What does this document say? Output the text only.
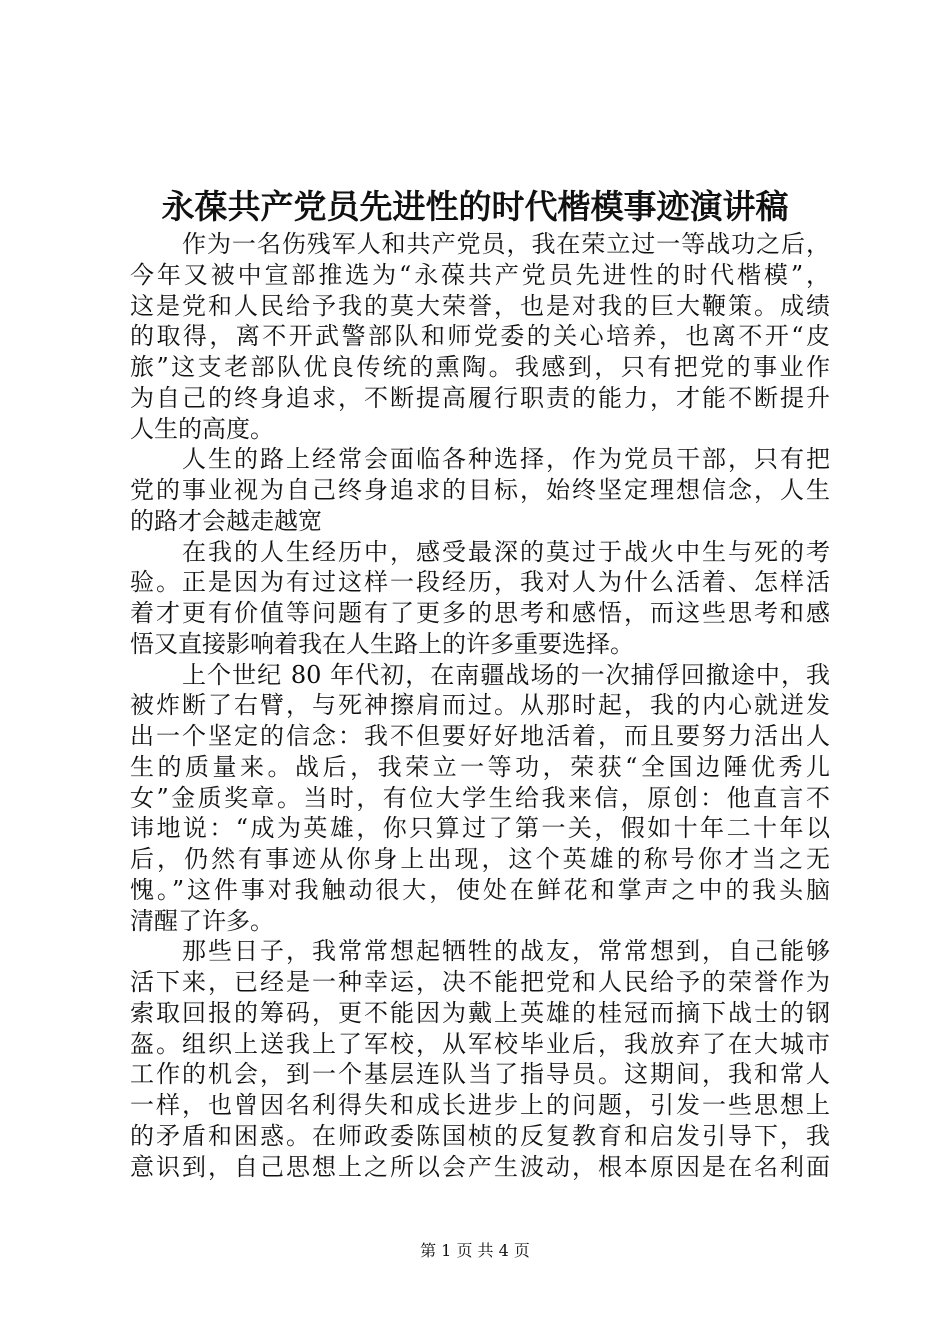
永葆共产党员先进性的时代楷模事迹演讲稿
作为一名伤残军人和共产党员，我在荣立过一等战功之后，
今年又被中宣部推选为“永葆共产党员先进性的时代楷模”，
这是党和人民给予我的莫大荣誉，也是对我的巨大鞭策。成绩
的取得，离不开武警部队和师党委的关心培养，也离不开“皮
旅”这支老部队优良传统的熏陶。我感到，只有把党的事业作
为自己的终身追求，不断提高履行职责的能力，才能不断提升
人生的高度。
人生的路上经常会面临各种选择，作为党员干部，只有把
党的事业视为自己终身追求的目标，始终坚定理想信念，人生
的路才会越走越宽
在我的人生经历中，感受最深的莫过于战火中生与死的考
验。正是因为有过这样一段经历，我对人为什么活着、怎样活
着才更有价值等问题有了更多的思考和感悟，而这些思考和感
悟又直接影响着我在人生路上的许多重要选择。
上个世纪 80 年代初，在南疆战场的一次捕俘回撤途中，我
被炸断了右臂，与死神擦肩而过。从那时起，我的内心就迸发
出一个坚定的信念：我不但要好好地活着，而且要努力活出人
生的质量来。战后，我荣立一等功，荣获“全国边陲优秀儿
女”金质奖章。当时，有位大学生给我来信，原创：他直言不
讳地说：“成为英雄，你只算过了第一关，假如十年二十年以
后，仍然有事迹从你身上出现，这个英雄的称号你才当之无
愧。”这件事对我触动很大，使处在鲜花和掌声之中的我头脑
清醒了许多。
那些日子，我常常想起牺牲的战友，常常想到，自己能够
活下来，已经是一种幸运，决不能把党和人民给予的荣誉作为
索取回报的筹码，更不能因为戴上英雄的桂冠而摘下战士的钢
盔。组织上送我上了军校，从军校毕业后，我放弃了在大城市
工作的机会，到一个基层连队当了指导员。这期间，我和常人
一样，也曾因名利得失和成长进步上的问题，引发一些思想上
的矛盾和困惑。在师政委陈国桢的反复教育和启发引导下，我
意识到，自己思想上之所以会产生波动，根本原因是在名利面
第 1 页 共 4 页
